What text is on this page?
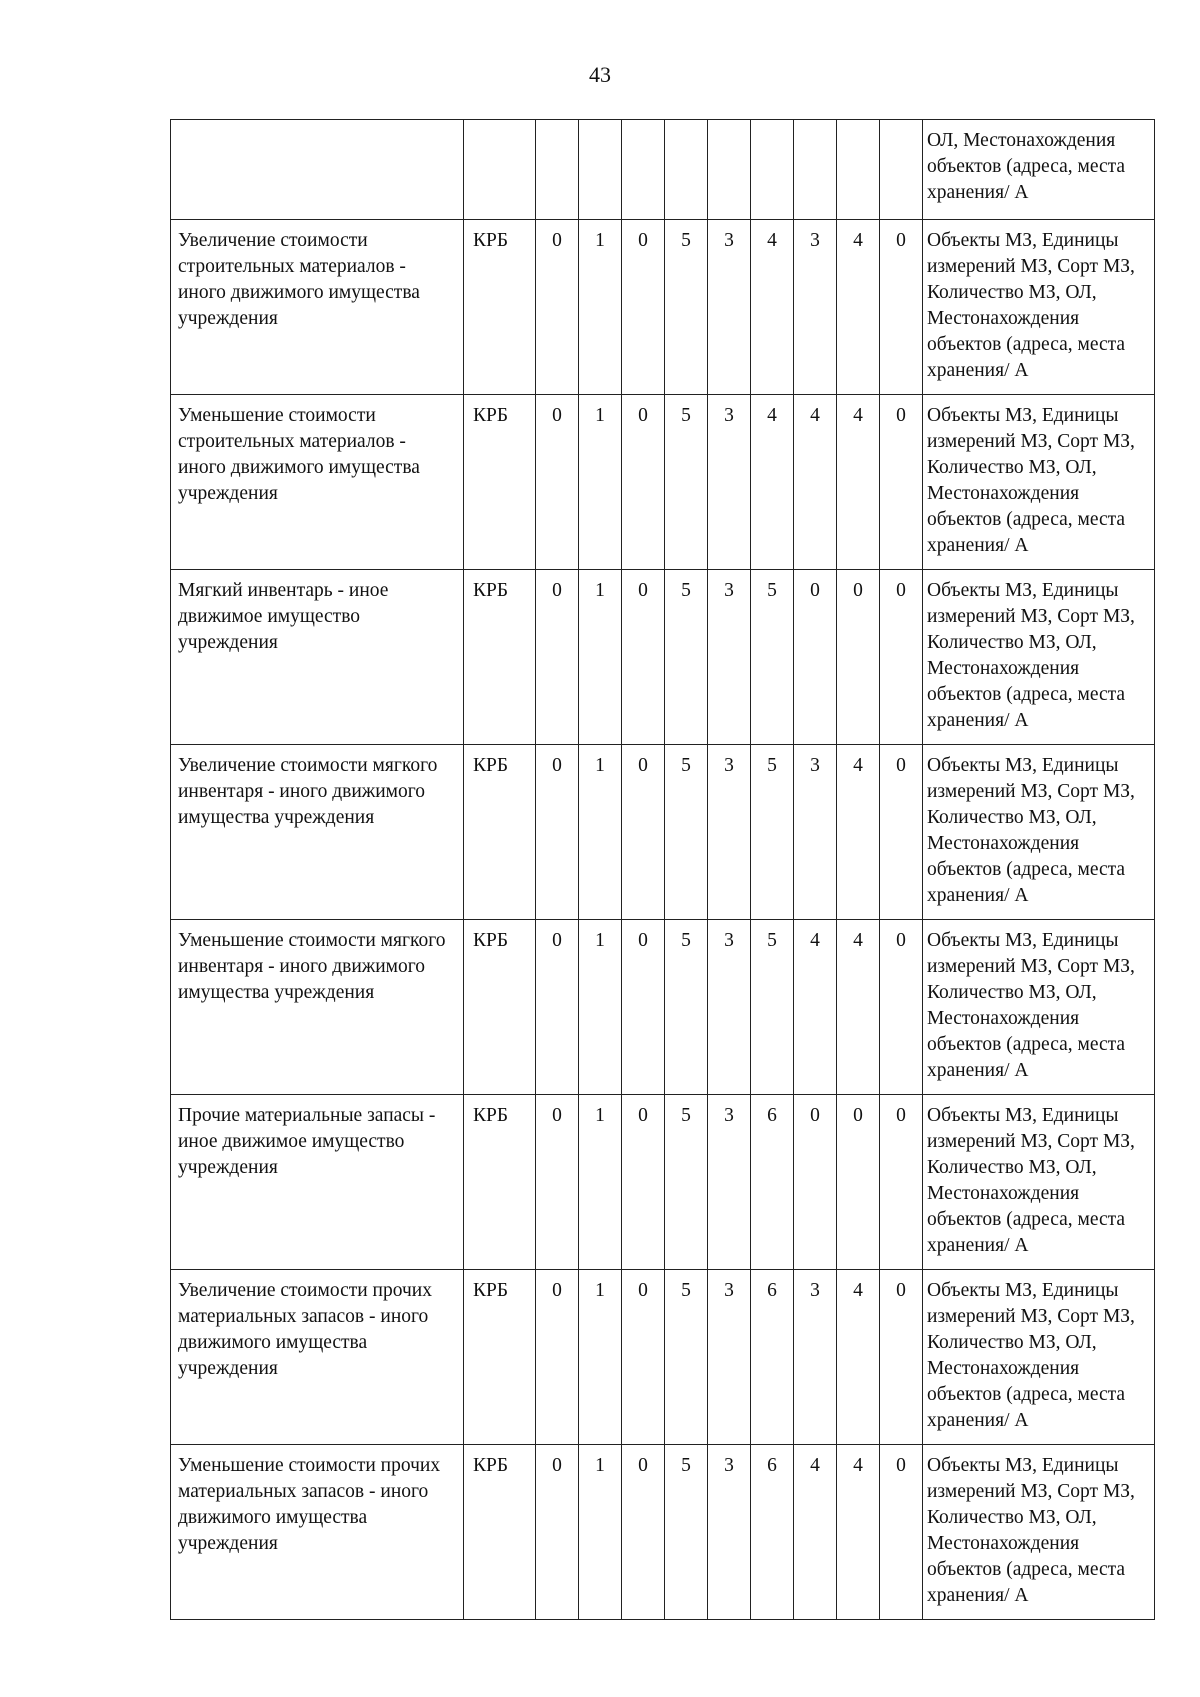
43
											ОЛ, Местонахождения объектов (адреса, места хранения/ А
Увеличение стоимости строительных материалов - иного движимого имущества учреждения	КРБ	0	1	0	5	3	4	3	4	0	Объекты МЗ, Единицы измерений МЗ, Сорт МЗ, Количество МЗ, ОЛ, Местонахождения объектов (адреса, места хранения/ А
Уменьшение стоимости строительных материалов - иного движимого имущества учреждения	КРБ	0	1	0	5	3	4	4	4	0	Объекты МЗ, Единицы измерений МЗ, Сорт МЗ, Количество МЗ, ОЛ, Местонахождения объектов (адреса, места хранения/ А
Мягкий инвентарь - иное движимое имущество учреждения	КРБ	0	1	0	5	3	5	0	0	0	Объекты МЗ, Единицы измерений МЗ, Сорт МЗ, Количество МЗ, ОЛ, Местонахождения объектов (адреса, места хранения/ А
Увеличение стоимости мягкого инвентаря - иного движимого имущества учреждения	КРБ	0	1	0	5	3	5	3	4	0	Объекты МЗ, Единицы измерений МЗ, Сорт МЗ, Количество МЗ, ОЛ, Местонахождения объектов (адреса, места хранения/ А
Уменьшение стоимости мягкого инвентаря - иного движимого имущества учреждения	КРБ	0	1	0	5	3	5	4	4	0	Объекты МЗ, Единицы измерений МЗ, Сорт МЗ, Количество МЗ, ОЛ, Местонахождения объектов (адреса, места хранения/ А
Прочие материальные запасы - иное движимое имущество учреждения	КРБ	0	1	0	5	3	6	0	0	0	Объекты МЗ, Единицы измерений МЗ, Сорт МЗ, Количество МЗ, ОЛ, Местонахождения объектов (адреса, места хранения/ А
Увеличение стоимости прочих материальных запасов - иного движимого имущества учреждения	КРБ	0	1	0	5	3	6	3	4	0	Объекты МЗ, Единицы измерений МЗ, Сорт МЗ, Количество МЗ, ОЛ, Местонахождения объектов (адреса, места хранения/ А
Уменьшение стоимости прочих материальных запасов - иного движимого имущества учреждения	КРБ	0	1	0	5	3	6	4	4	0	Объекты МЗ, Единицы измерений МЗ, Сорт МЗ, Количество МЗ, ОЛ, Местонахождения объектов (адреса, места хранения/ А
